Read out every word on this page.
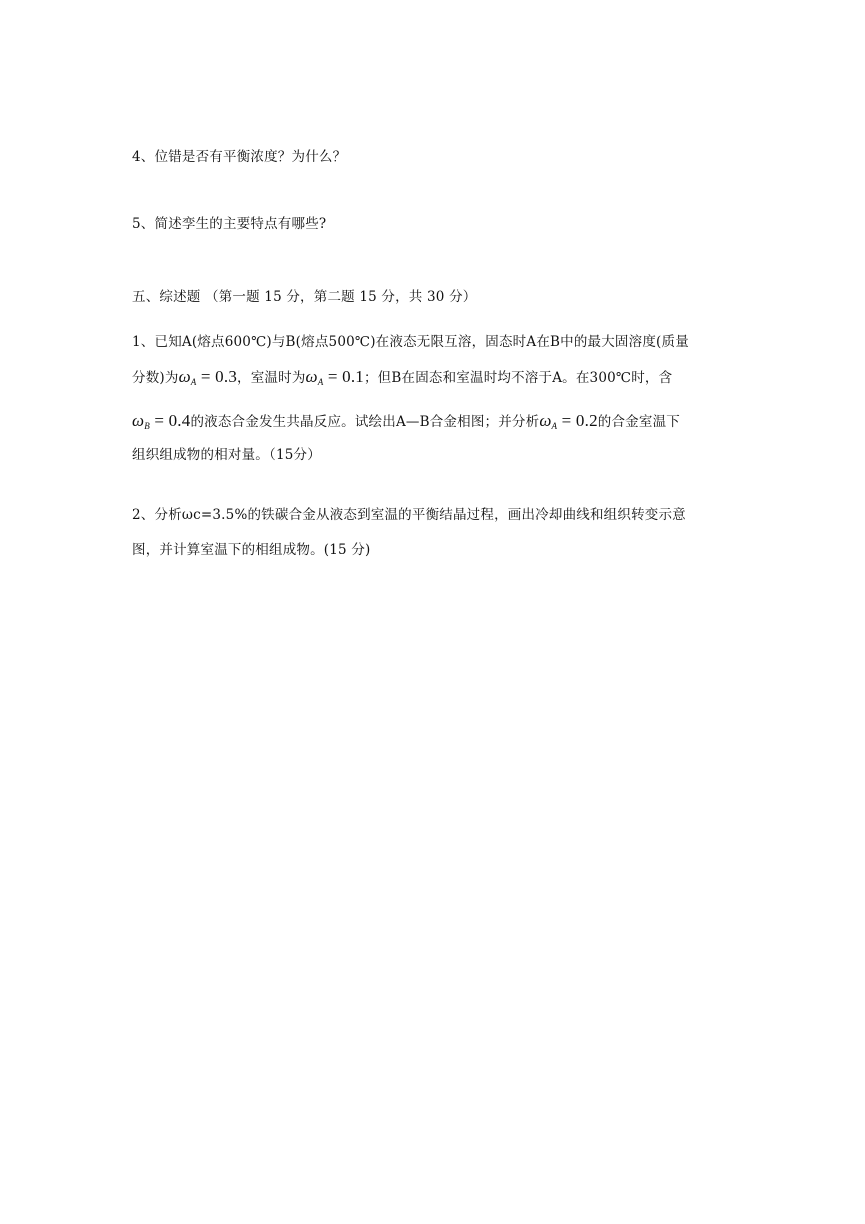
4、位错是否有平衡浓度？为什么？
5、简述孪生的主要特点有哪些?
五、综述题 （第一题 15 分，第二题 15 分，共 30 分）
1、已知A(熔点600℃)与B(熔点500℃)在液态无限互溶，固态时A在B中的最大固溶度(质量
分数)为$\omega_A = 0.3$，室温时为$\omega_A = 0.1$；但B在固态和室温时均不溶于A。在300℃时，含
$\omega_B = 0.4$的液态合金发生共晶反应。试绘出A—B合金相图；并分析$\omega_A = 0.2$的合金室温下
组织组成物的相对量。（15分）
2、分析ωc=3.5%的铁碳合金从液态到室温的平衡结晶过程，画出冷却曲线和组织转变示意
图，并计算室温下的相组成物。(15 分)
